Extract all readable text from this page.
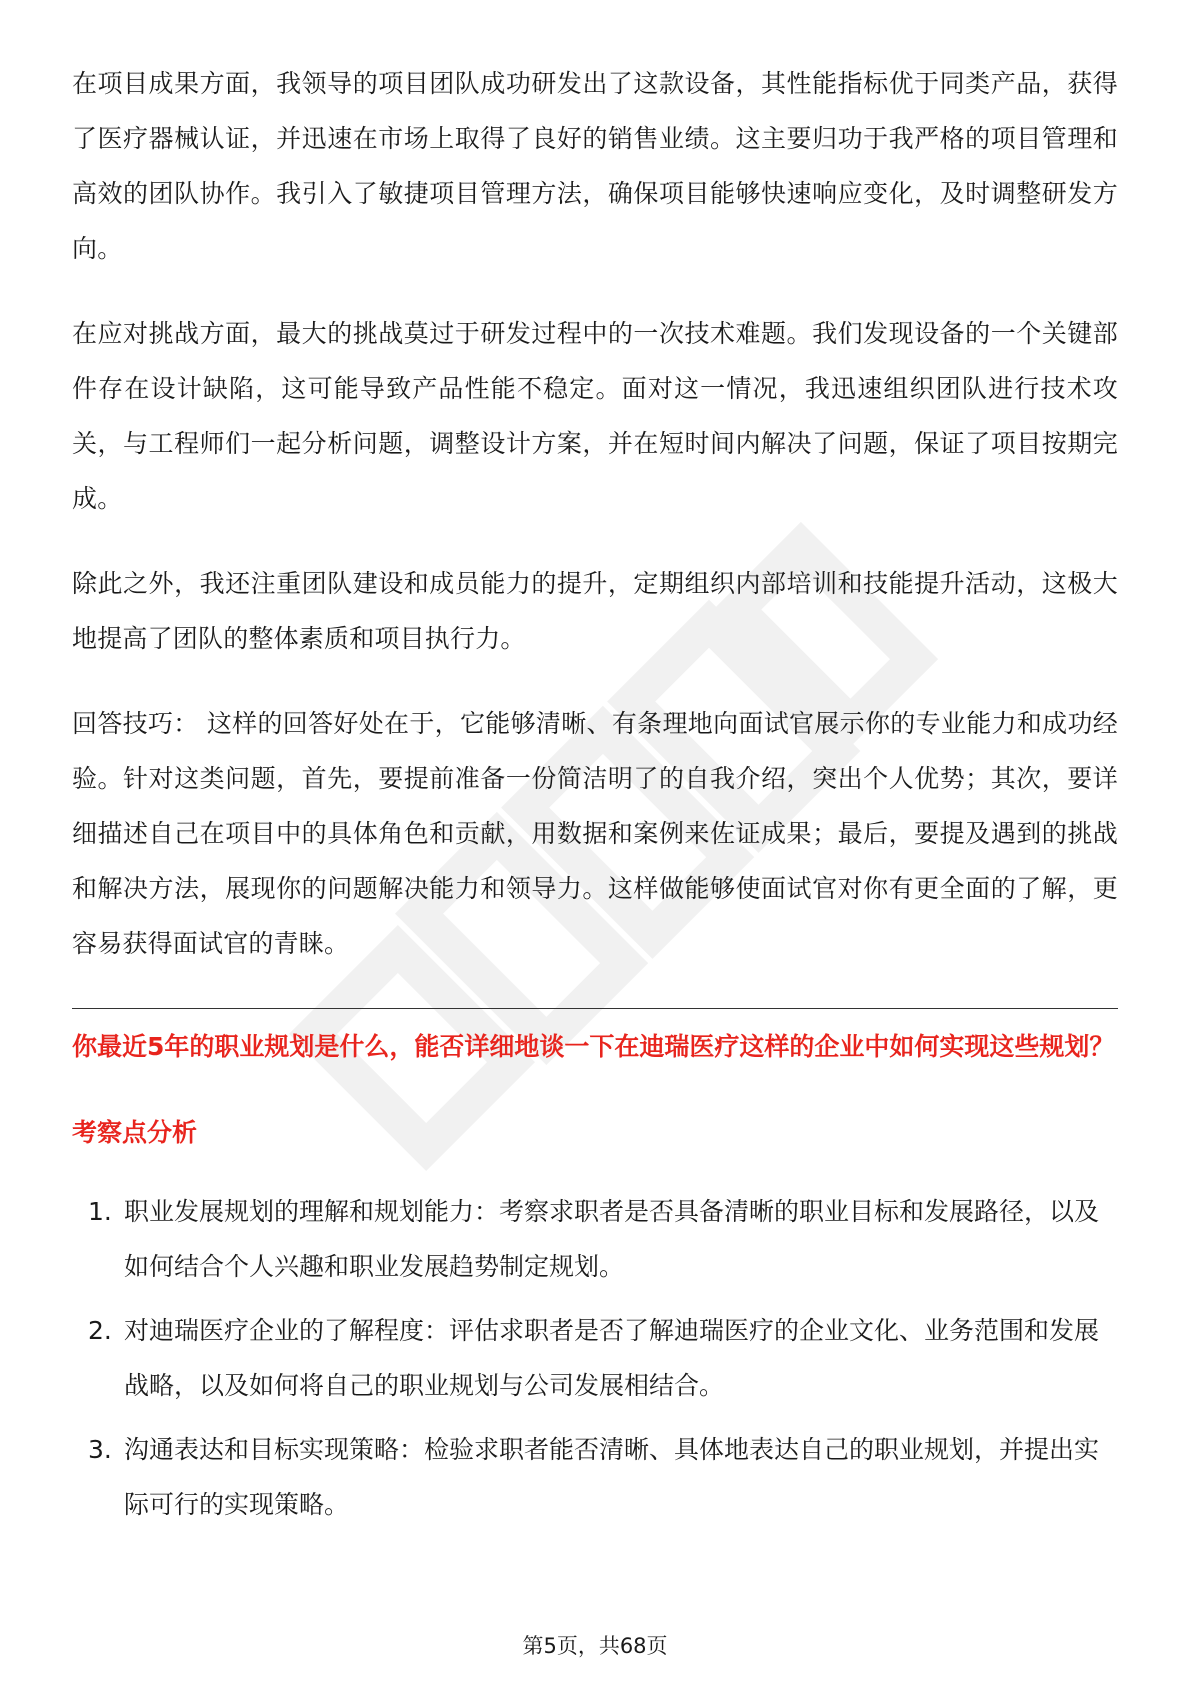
在项目成果方面，我领导的项目团队成功研发出了这款设备，其性能指标优于同类产品，获得了医疗器械认证，并迅速在市场上取得了良好的销售业绩。这主要归功于我严格的项目管理和高效的团队协作。我引入了敏捷项目管理方法，确保项目能够快速响应变化，及时调整研发方向。

在应对挑战方面，最大的挑战莫过于研发过程中的一次技术难题。我们发现设备的一个关键部件存在设计缺陷，这可能导致产品性能不稳定。面对这一情况，我迅速组织团队进行技术攻关，与工程师们一起分析问题，调整设计方案，并在短时间内解决了问题，保证了项目按期完成。

除此之外，我还注重团队建设和成员能力的提升，定期组织内部培训和技能提升活动，这极大地提高了团队的整体素质和项目执行力。

回答技巧： 这样的回答好处在于，它能够清晰、有条理地向面试官展示你的专业能力和成功经验。针对这类问题，首先，要提前准备一份简洁明了的自我介绍，突出个人优势；其次，要详细描述自己在项目中的具体角色和贡献，用数据和案例来佐证成果；最后，要提及遇到的挑战和解决方法，展现你的问题解决能力和领导力。这样做能够使面试官对你有更全面的了解，更容易获得面试官的青睐。

你最近5年的职业规划是什么，能否详细地谈一下在迪瑞医疗这样的企业中如何实现这些规划？
考察点分析
1. 职业发展规划的理解和规划能力：考察求职者是否具备清晰的职业目标和发展路径，以及如何结合个人兴趣和职业发展趋势制定规划。
2. 对迪瑞医疗企业的了解程度：评估求职者是否了解迪瑞医疗的企业文化、业务范围和发展战略，以及如何将自己的职业规划与公司发展相结合。
3. 沟通表达和目标实现策略：检验求职者能否清晰、具体地表达自己的职业规划，并提出实际可行的实现策略。
第5页，共68页
